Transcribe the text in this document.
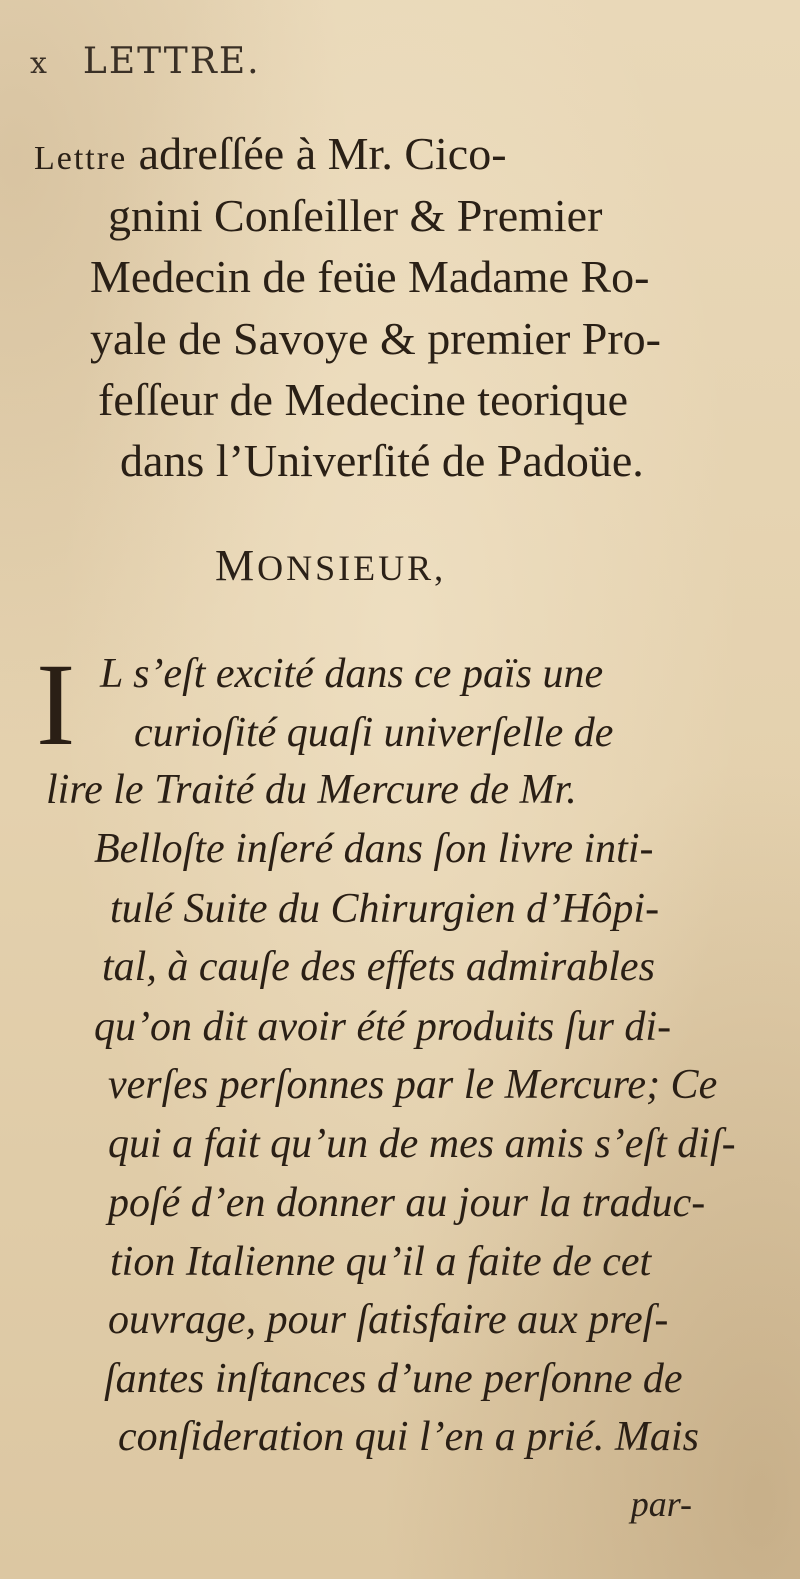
x LETTRE.
Lettre adreſſée à Mr. Cico-
gnini Conſeiller & Premier
Medecin de feüe Madame Ro-
yale de Savoye & premier Pro-
feſſeur de Medecine teorique
dans l’Univerſité de Padoüe.
MONSIEUR,
I L s’eſt excité dans ce païs une
curioſité quaſi univerſelle de
lire le Traité du Mercure de Mr.
Belloſte inſeré dans ſon livre inti-
tulé Suite du Chirurgien d’Hôpi-
tal, à cauſe des effets admirables
qu’on dit avoir été produits ſur di-
verſes perſonnes par le Mercure; Ce
qui a fait qu’un de mes amis s’eſt diſ-
poſé d’en donner au jour la traduc-
tion Italienne qu’il a faite de cet
ouvrage, pour ſatisfaire aux preſ-
ſantes inſtances d’une perſonne de
conſideration qui l’en a prié. Mais
par-
